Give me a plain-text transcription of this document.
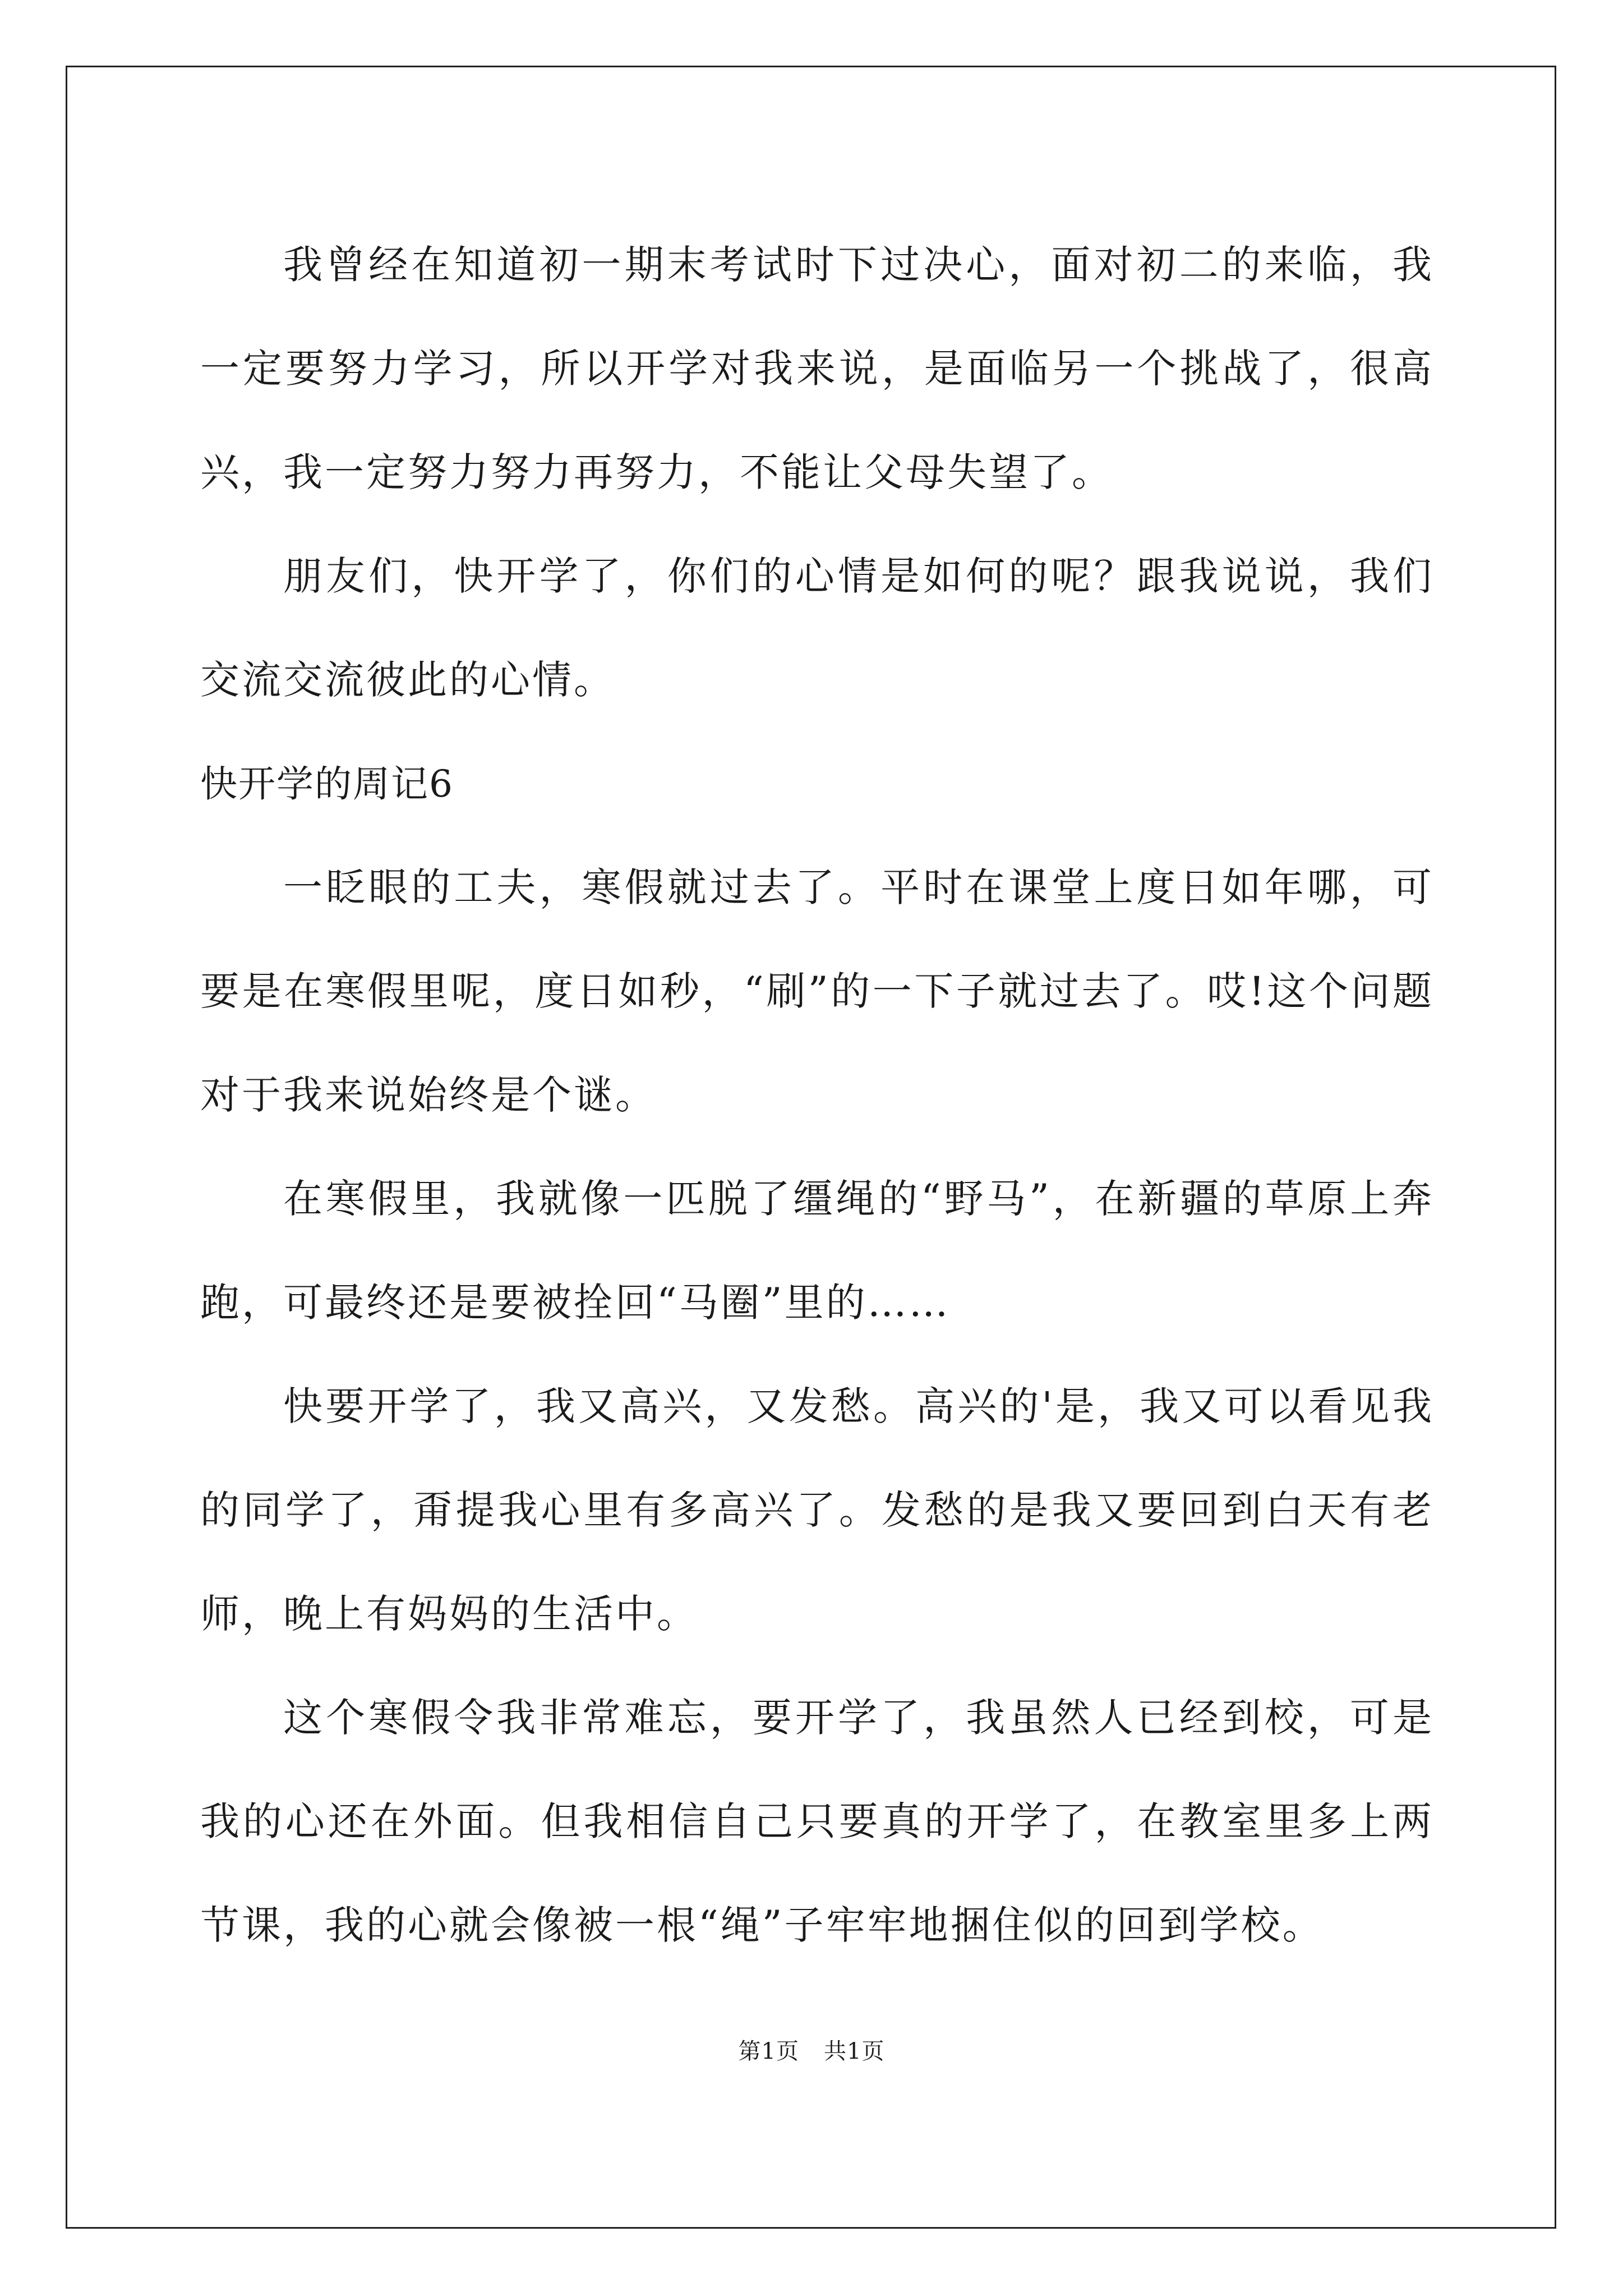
我曾经在知道初一期末考试时下过决心，面对初二的来临，我一定要努力学习，所以开学对我来说，是面临另一个挑战了，很高兴，我一定努力努力再努力，不能让父母失望了。

朋友们，快开学了，你们的心情是如何的呢？跟我说说，我们交流交流彼此的心情。

快开学的周记6

一眨眼的工夫，寒假就过去了。平时在课堂上度日如年哪，可要是在寒假里呢，度日如秒，“刷”的一下子就过去了。哎!这个问题对于我来说始终是个谜。

在寒假里，我就像一匹脱了缰绳的“野马”，在新疆的草原上奔跑，可最终还是要被拴回“马圈”里的……

快要开学了，我又高兴，又发愁。高兴的'是，我又可以看见我的同学了，甭提我心里有多高兴了。发愁的是我又要回到白天有老师，晚上有妈妈的生活中。

这个寒假令我非常难忘，要开学了，我虽然人已经到校，可是我的心还在外面。但我相信自己只要真的开学了，在教室里多上两节课，我的心就会像被一根“绳”子牢牢地捆住似的回到学校。

第1页 共1页
